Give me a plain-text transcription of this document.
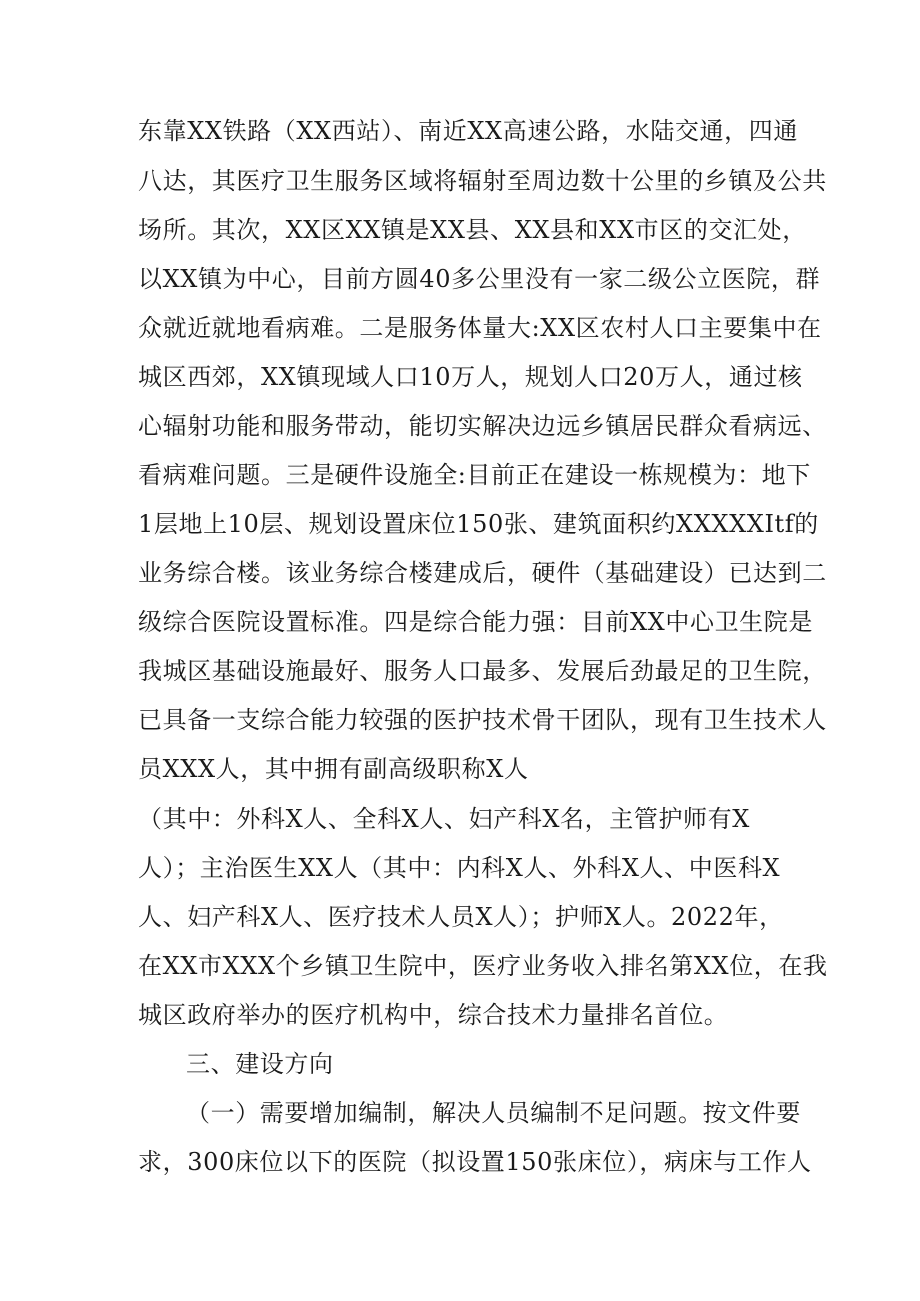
东靠XX铁路（XX西站）、南近XX高速公路，水陆交通，四通
八达，其医疗卫生服务区域将辐射至周边数十公里的乡镇及公共
场所。其次，XX区XX镇是XX县、XX县和XX市区的交汇处，
以XX镇为中心，目前方圆40多公里没有一家二级公立医院，群
众就近就地看病难。二是服务体量大:XX区农村人口主要集中在
城区西郊，XX镇现域人口10万人，规划人口20万人，通过核
心辐射功能和服务带动，能切实解决边远乡镇居民群众看病远、
看病难问题。三是硬件设施全:目前正在建设一栋规模为：地下
1层地上10层、规划设置床位150张、建筑面积约XXXXXItf的
业务综合楼。该业务综合楼建成后，硬件（基础建设）已达到二
级综合医院设置标准。四是综合能力强：目前XX中心卫生院是
我城区基础设施最好、服务人口最多、发展后劲最足的卫生院，
已具备一支综合能力较强的医护技术骨干团队，现有卫生技术人
员XXX人，其中拥有副高级职称X人
（其中：外科X人、全科X人、妇产科X名，主管护师有X
人）；主治医生XX人（其中：内科X人、外科X人、中医科X
人、妇产科X人、医疗技术人员X人）；护师X人。2022年，
在XX市XXX个乡镇卫生院中，医疗业务收入排名第XX位，在我
城区政府举办的医疗机构中，综合技术力量排名首位。
三、建设方向
（一）需要增加编制，解决人员编制不足问题。按文件要
求，300床位以下的医院（拟设置150张床位），病床与工作人
